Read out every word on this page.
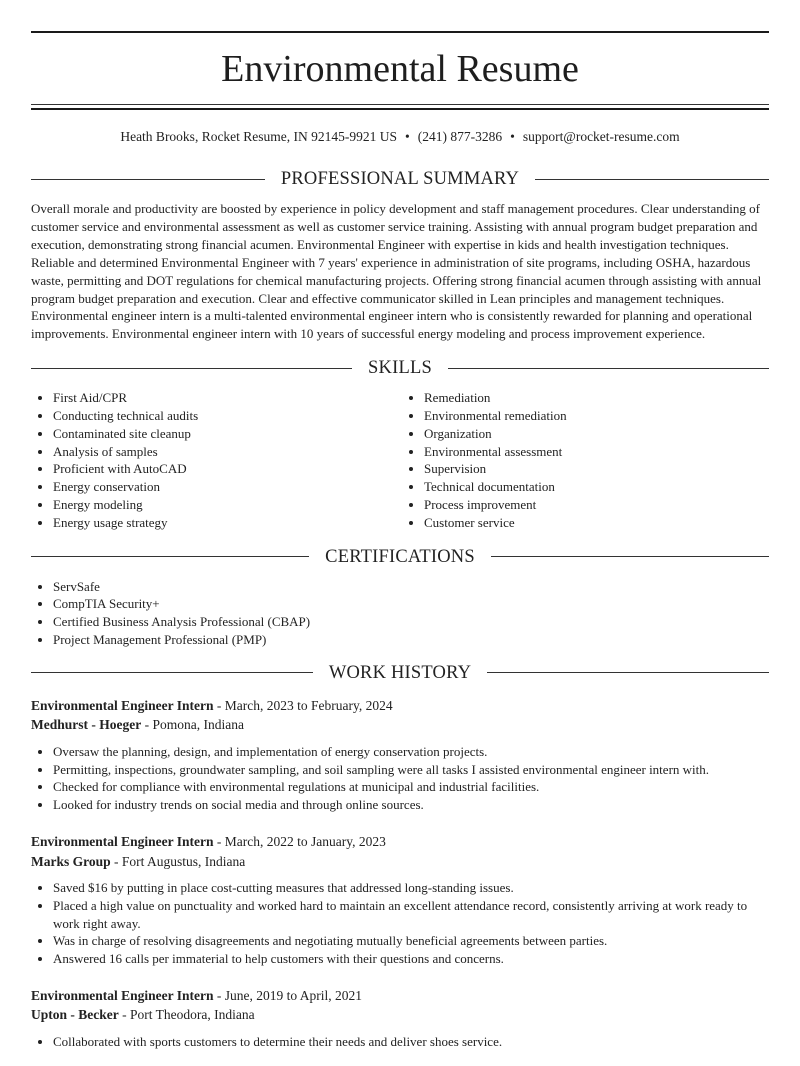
Environmental Resume
Heath Brooks, Rocket Resume, IN 92145-9921 US • (241) 877-3286 • support@rocket-resume.com
PROFESSIONAL SUMMARY

Overall morale and productivity are boosted by experience in policy development and staff management procedures. Clear understanding of customer service and environmental assessment as well as customer service training. Assisting with annual program budget preparation and execution, demonstrating strong financial acumen. Environmental Engineer with expertise in kids and health investigation techniques. Reliable and determined Environmental Engineer with 7 years' experience in administration of site programs, including OSHA, hazardous waste, permitting and DOT regulations for chemical manufacturing projects. Offering strong financial acumen through assisting with annual program budget preparation and execution. Clear and effective communicator skilled in Lean principles and management techniques. Environmental engineer intern is a multi-talented environmental engineer intern who is consistently rewarded for planning and operational improvements. Environmental engineer intern with 10 years of successful energy modeling and process improvement experience.

SKILLS
• First Aid/CPR
• Conducting technical audits
• Contaminated site cleanup
• Analysis of samples
• Proficient with AutoCAD
• Energy conservation
• Energy modeling
• Energy usage strategy
• Remediation
• Environmental remediation
• Organization
• Environmental assessment
• Supervision
• Technical documentation
• Process improvement
• Customer service
CERTIFICATIONS
• ServSafe
• CompTIA Security+
• Certified Business Analysis Professional (CBAP)
• Project Management Professional (PMP)
WORK HISTORY
Environmental Engineer Intern - March, 2023 to February, 2024
Medhurst - Hoeger - Pomona, Indiana
• Oversaw the planning, design, and implementation of energy conservation projects.
• Permitting, inspections, groundwater sampling, and soil sampling were all tasks I assisted environmental engineer intern with.
• Checked for compliance with environmental regulations at municipal and industrial facilities.
• Looked for industry trends on social media and through online sources.
Environmental Engineer Intern - March, 2022 to January, 2023
Marks Group - Fort Augustus, Indiana
• Saved $16 by putting in place cost-cutting measures that addressed long-standing issues.
• Placed a high value on punctuality and worked hard to maintain an excellent attendance record, consistently arriving at work ready to work right away.
• Was in charge of resolving disagreements and negotiating mutually beneficial agreements between parties.
• Answered 16 calls per immaterial to help customers with their questions and concerns.
Environmental Engineer Intern - June, 2019 to April, 2021
Upton - Becker - Port Theodora, Indiana
• Collaborated with sports customers to determine their needs and deliver shoes service.
